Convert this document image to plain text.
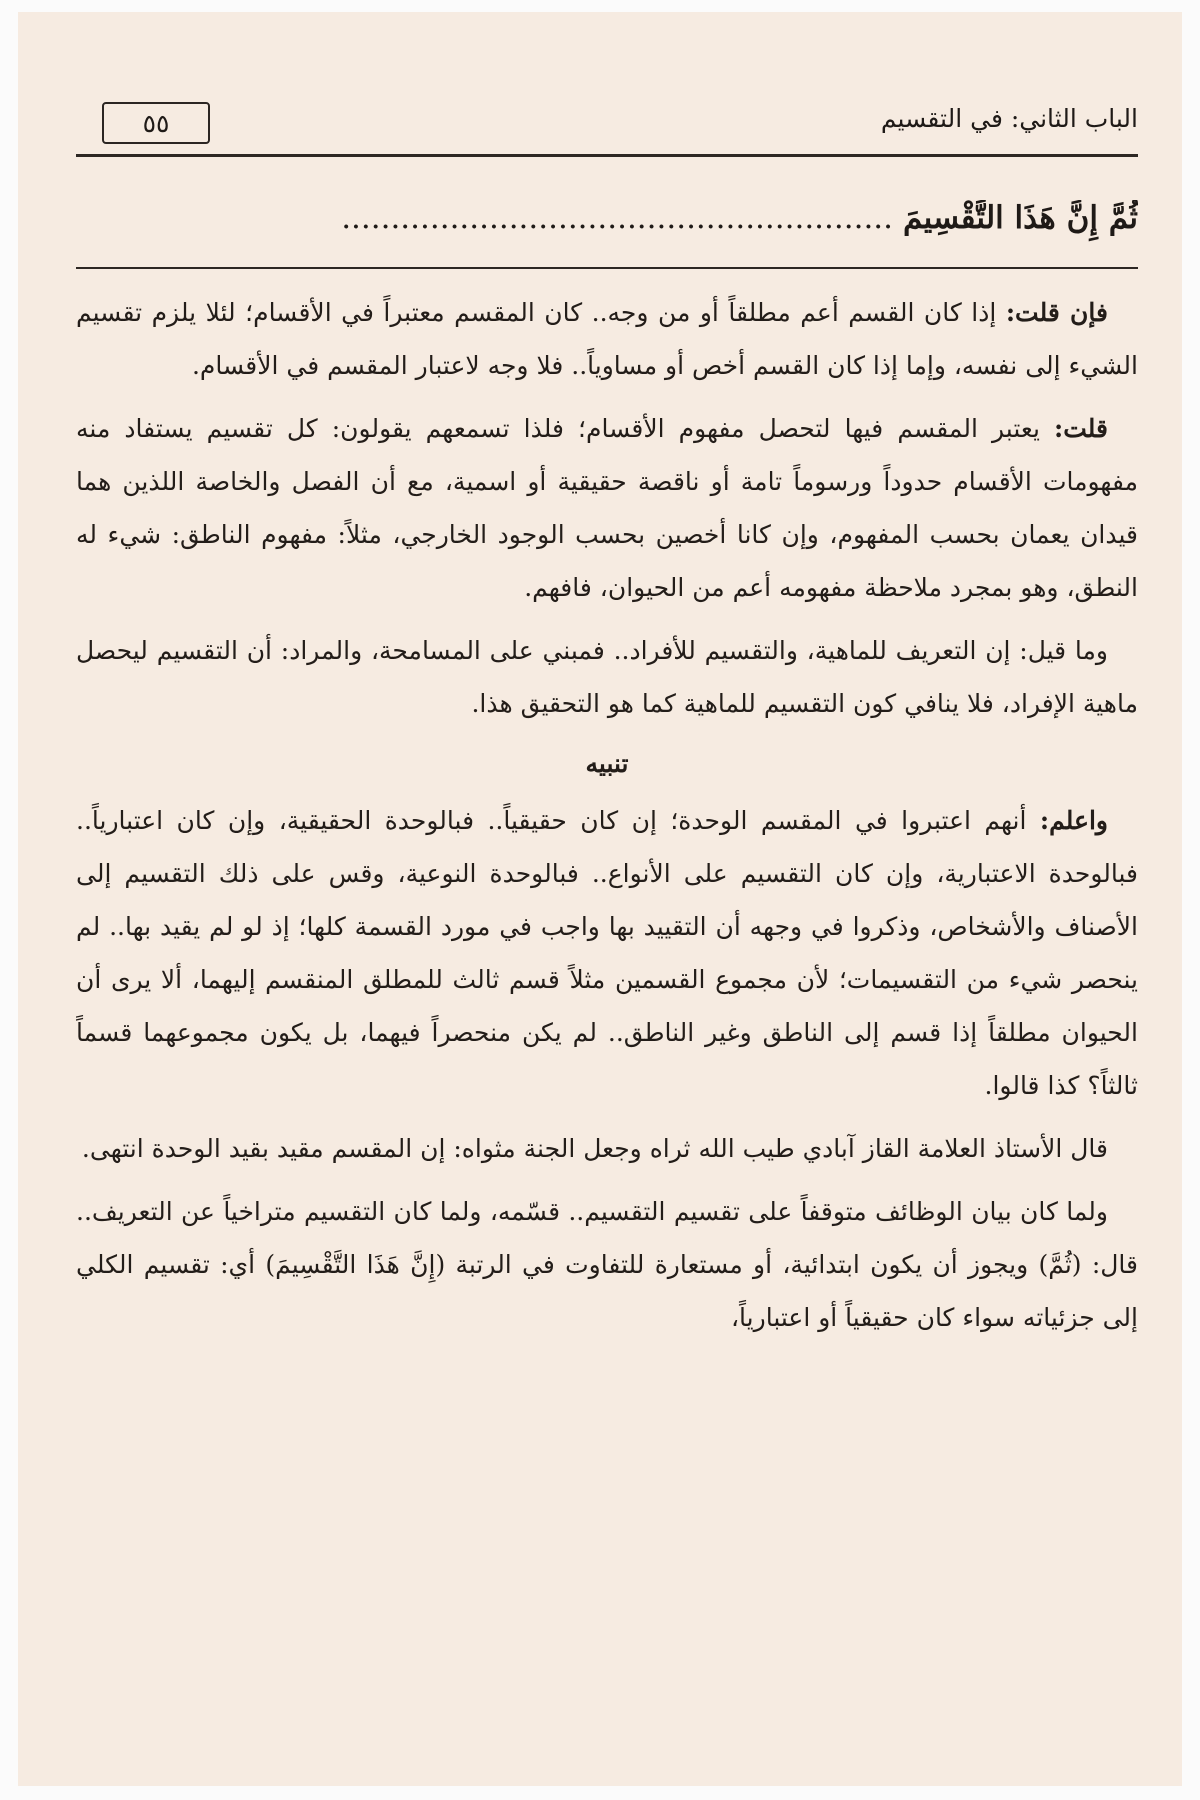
٥٥	الباب الثاني: في التقسيم
ثُمَّ إِنَّ هَذَا التَّقْسِيمَ........................................................

فإن قلت: إذا كان القسم أعم مطلقاً أو من وجه.. كان المقسم معتبراً في الأقسام؛ لئلا يلزم تقسيم الشيء إلى نفسه، وإما إذا كان القسم أخص أو مساوياً.. فلا وجه لاعتبار المقسم في الأقسام.

قلت: يعتبر المقسم فيها لتحصل مفهوم الأقسام؛ فلذا تسمعهم يقولون: كل تقسيم يستفاد منه مفهومات الأقسام حدوداً ورسوماً تامة أو ناقصة حقيقية أو اسمية، مع أن الفصل والخاصة اللذين هما قيدان يعمان بحسب المفهوم، وإن كانا أخصين بحسب الوجود الخارجي، مثلاً: مفهوم الناطق: شيء له النطق، وهو بمجرد ملاحظة مفهومه أعم من الحيوان، فافهم.

وما قيل: إن التعريف للماهية، والتقسيم للأفراد.. فمبني على المسامحة، والمراد: أن التقسيم ليحصل ماهية الإفراد، فلا ينافي كون التقسيم للماهية كما هو التحقيق هذا.

تنبيه

واعلم: أنهم اعتبروا في المقسم الوحدة؛ إن كان حقيقياً.. فبالوحدة الحقيقية، وإن كان اعتبارياً.. فبالوحدة الاعتبارية، وإن كان التقسيم على الأنواع.. فبالوحدة النوعية، وقس على ذلك التقسيم إلى الأصناف والأشخاص، وذكروا في وجهه أن التقييد بها واجب في مورد القسمة كلها؛ إذ لو لم يقيد بها.. لم ينحصر شيء من التقسيمات؛ لأن مجموع القسمين مثلاً قسم ثالث للمطلق المنقسم إليهما، ألا يرى أن الحيوان مطلقاً إذا قسم إلى الناطق وغير الناطق.. لم يكن منحصراً فيهما، بل يكون مجموعهما قسماً ثالثاً؟ كذا قالوا.

قال الأستاذ العلامة القاز آبادي طيب الله ثراه وجعل الجنة مثواه: إن المقسم مقيد بقيد الوحدة انتهى.

ولما كان بيان الوظائف متوقفاً على تقسيم التقسيم.. قسّمه، ولما كان التقسيم متراخياً عن التعريف.. قال: (ثُمَّ) ويجوز أن يكون ابتدائية، أو مستعارة للتفاوت في الرتبة (إِنَّ هَذَا التَّقْسِيمَ) أي: تقسيم الكلي إلى جزئياته سواء كان حقيقياً أو اعتبارياً،
